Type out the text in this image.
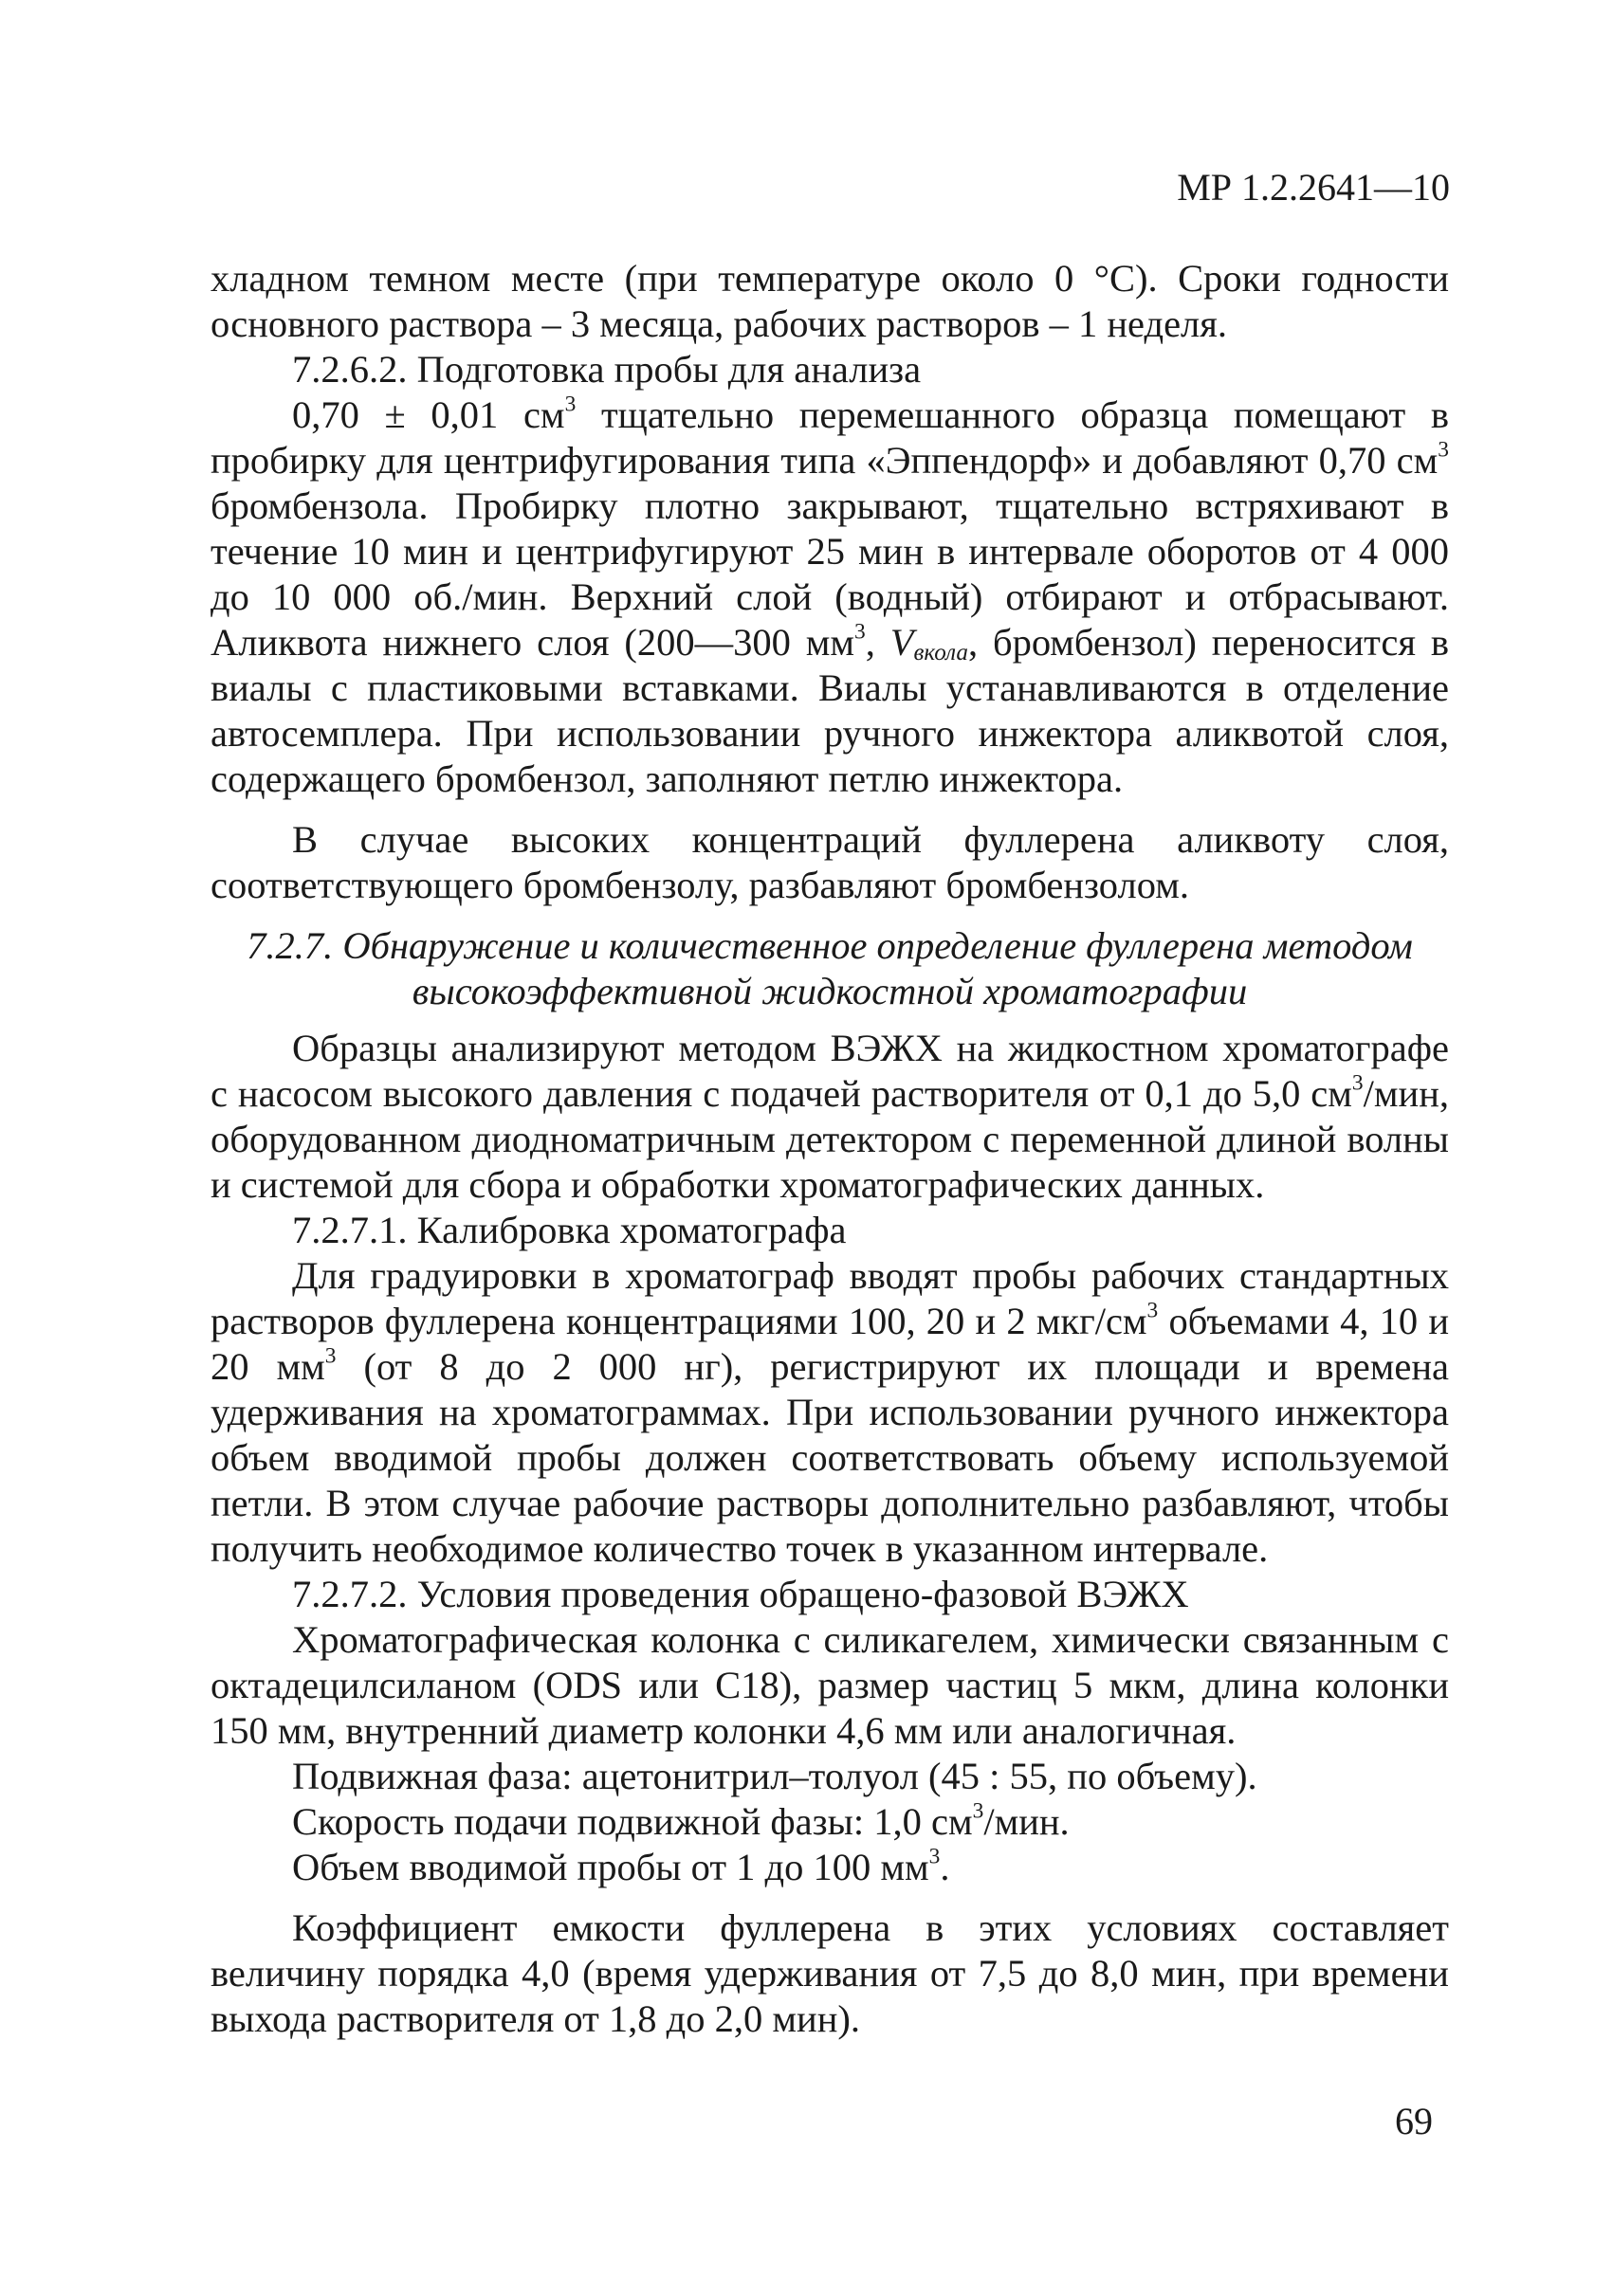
МР 1.2.2641—10

хладном темном месте (при температуре около 0 °С). Сроки годности основного раствора – 3 месяца, рабочих растворов – 1 неделя.

7.2.6.2. Подготовка пробы для анализа

0,70 ± 0,01 $см^3$ тщательно перемешанного образца помещают в пробирку для центрифугирования типа «Эппендорф» и добавляют 0,70 $см^3$ бромбензола. Пробирку плотно закрывают, тщательно встряхивают в течение 10 мин и центрифугируют 25 мин в интервале оборотов от 4 000 до 10 000 об./мин. Верхний слой (водный) отбирают и отбрасывают. Аликвота нижнего слоя (200—300 $мм^3$, $V_{вкола}$, бромбензол) переносится в виалы с пластиковыми вставками. Виалы устанавливаются в отделение автосемплера. При использовании ручного инжектора аликвотой слоя, содержащего бромбензол, заполняют петлю инжектора.

В случае высоких концентраций фуллерена аликвоту слоя, соответствующего бромбензолу, разбавляют бромбензолом.

7.2.7. Обнаружение и количественное определение фуллерена методом
высокоэффективной жидкостной хроматографии

Образцы анализируют методом ВЭЖХ на жидкостном хроматографе с насосом высокого давления с подачей растворителя от 0,1 до 5,0 $см^3$/мин, оборудованном диодноматричным детектором с переменной длиной волны и системой для сбора и обработки хроматографических данных.

7.2.7.1. Калибровка хроматографа

Для градуировки в хроматограф вводят пробы рабочих стандартных растворов фуллерена концентрациями 100, 20 и 2 мкг/$см^3$ объемами 4, 10 и 20 $мм^3$ (от 8 до 2 000 нг), регистрируют их площади и времена удерживания на хроматограммах. При использовании ручного инжектора объем вводимой пробы должен соответствовать объему используемой петли. В этом случае рабочие растворы дополнительно разбавляют, чтобы получить необходимое количество точек в указанном интервале.

7.2.7.2. Условия проведения обращено-фазовой ВЭЖХ

Хроматографическая колонка с силикагелем, химически связанным с октадецилсиланом (ODS или С18), размер частиц 5 мкм, длина колонки 150 мм, внутренний диаметр колонки 4,6 мм или аналогичная.

Подвижная фаза: ацетонитрил–толуол (45 : 55, по объему).

Скорость подачи подвижной фазы: 1,0 $см^3$/мин.

Объем вводимой пробы от 1 до 100 $мм^3$.

Коэффициент емкости фуллерена в этих условиях составляет величину порядка 4,0 (время удерживания от 7,5 до 8,0 мин, при времени выхода растворителя от 1,8 до 2,0 мин).

69
